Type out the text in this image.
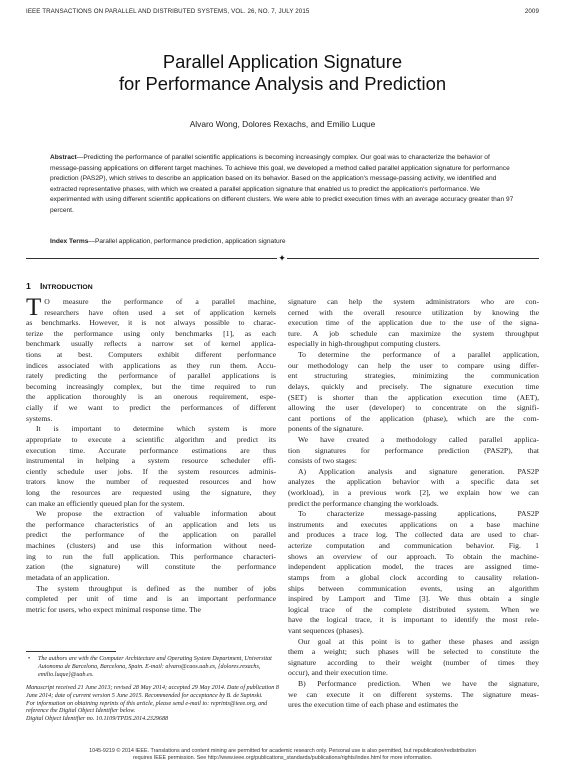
IEEE TRANSACTIONS ON PARALLEL AND DISTRIBUTED SYSTEMS, VOL. 26, NO. 7, JULY 2015	2009
Parallel Application Signature
for Performance Analysis and Prediction
Alvaro Wong, Dolores Rexachs, and Emilio Luque
Abstract—Predicting the performance of parallel scientific applications is becoming increasingly complex. Our goal was to characterize the behavior of message-passing applications on different target machines. To achieve this goal, we developed a method called parallel application signature for performance prediction (PAS2P), which strives to describe an application based on its behavior. Based on the application's message-passing activity, we identified and extracted representative phases, with which we created a parallel application signature that enabled us to predict the application's performance. We experimented with using different scientific applications on different clusters. We were able to predict execution times with an average accuracy greater than 97 percent.
Index Terms—Parallel application, performance prediction, application signature
✦
1 INTRODUCTION
T O measure the performance of a parallel machine,
researchers have often used a set of application kernels
as benchmarks. However, it is not always possible to charac-
terize the performance using only benchmarks [1], as each
benchmark usually reflects a narrow set of kernel applica-
tions at best. Computers exhibit different performance
indices associated with applications as they run them. Accu-
rately predicting the performance of parallel applications is
becoming increasingly complex, but the time required to run
the application thoroughly is an onerous requirement, espe-
cially if we want to predict the performances of different
systems.
It is important to determine which system is more
appropriate to execute a scientific algorithm and predict its
execution time. Accurate performance estimations are thus
instrumental in helping a system resource scheduler effi-
ciently schedule user jobs. If the system resources adminis-
trators know the number of requested resources and how
long the resources are requested using the signature, they
can make an efficiently queued plan for the system.
We propose the extraction of valuable information about
the performance characteristics of an application and lets us
predict the performance of the application on parallel
machines (clusters) and use this information without need-
ing to run the full application. This performance characteri-
zation (the signature) will constitute the performance
metadata of an application.
The system throughput is defined as the number of jobs
completed per unit of time and is an important performance
metric for users, who expect minimal response time. The
signature can help the system administrators who are con-
cerned with the overall resource utilization by knowing the
execution time of the application due to the use of the signa-
ture. A job schedule can maximize the system throughput
especially in high-throughput computing clusters.
To determine the performance of a parallel application,
our methodology can help the user to compare using differ-
ent structuring strategies, minimizing the communication
delays, quickly and precisely. The signature execution time
(SET) is shorter than the application execution time (AET),
allowing the user (developer) to concentrate on the signifi-
cant portions of the application (phase), which are the com-
ponents of the signature.
We have created a methodology called parallel applica-
tion signatures for performance prediction (PAS2P), that
consists of two stages:
A) Application analysis and signature generation. PAS2P
analyzes the application behavior with a specific data set
(workload), in a previous work [2], we explain how we can
predict the performance changing the workloads.
To characterize message-passing applications, PAS2P
instruments and executes applications on a base machine
and produces a trace log. The collected data are used to char-
acterize computation and communication behavior. Fig. 1
shows an overview of our approach. To obtain the machine-
independent application model, the traces are assigned time-
stamps from a global clock according to causality relation-
ships between communication events, using an algorithm
inspired by Lamport and Time [3]. We thus obtain a single
logical trace of the complete distributed system. When we
have the logical trace, it is important to identify the most rele-
vant sequences (phases).
Our goal at this point is to gather these phases and assign
them a weight; such phases will be selected to constitute the
signature according to their weight (number of times they
occur), and their execution time.
B) Performance prediction. When we have the signature,
we can execute it on different systems. The signature meas-
ures the execution time of each phase and estimates the
• The authors are with the Computer Architecture and Operating System Department, Universitat Autonoma de Barcelona, Barcelona, Spain. E-mail: alvaro@caos.uab.es, {dolores.rexachs, emilio.luque}@uab.es.
Manuscript received 21 June 2013; revised 28 May 2014; accepted 29 May 2014. Date of publication 8 June 2014; date of current version 5 June 2015. Recommended for acceptance by B. de Supinski.
For information on obtaining reprints of this article, please send e-mail to: reprints@ieee.org, and reference the Digital Object Identifier below.
Digital Object Identifier no. 10.1109/TPDS.2014.2329688
1045-9219 © 2014 IEEE. Translations and content mining are permitted for academic research only. Personal use is also permitted, but republication/redistribution
requires IEEE permission. See http://www.ieee.org/publications_standards/publications/rights/index.html for more information.
